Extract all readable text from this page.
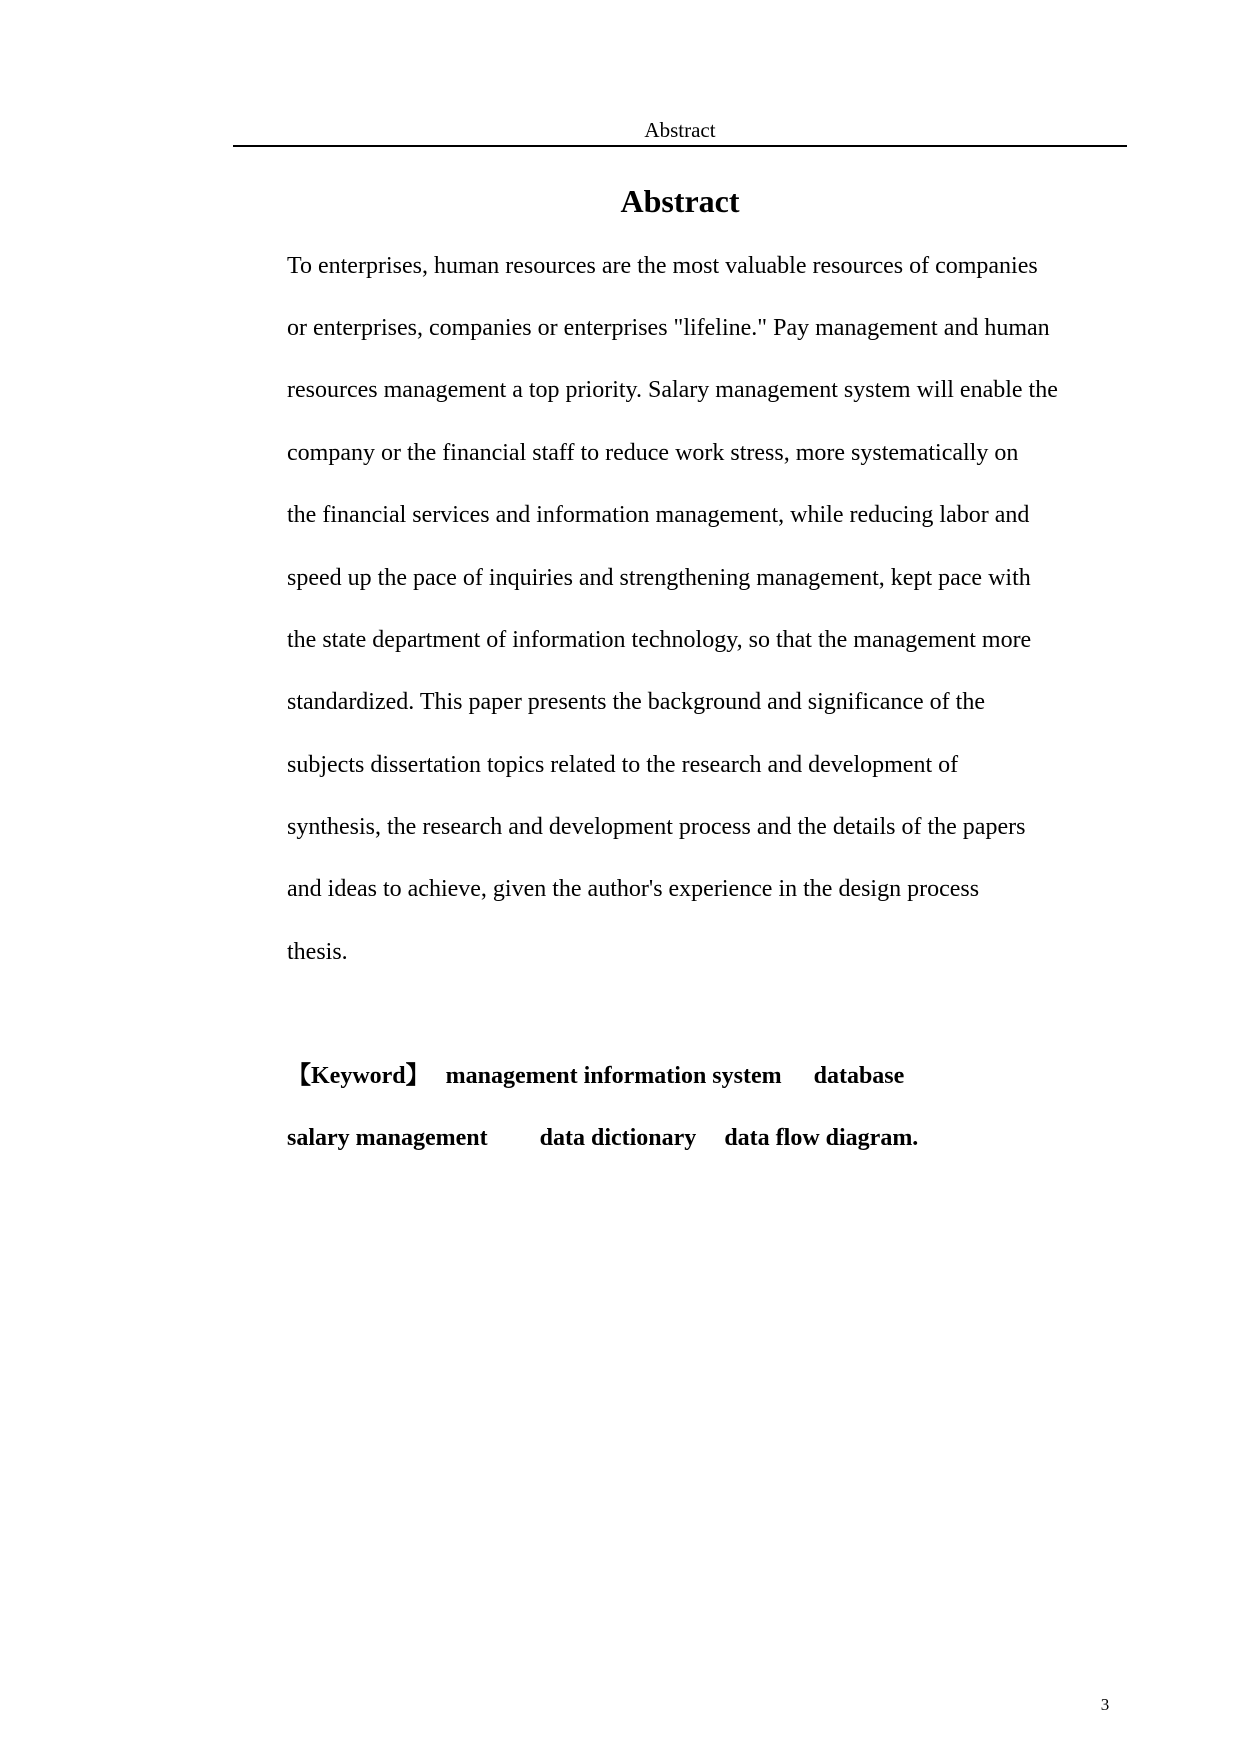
Abstract
Abstract
To enterprises, human resources are the most valuable resources of companies
or enterprises, companies or enterprises "lifeline." Pay management and human
resources management a top priority. Salary management system will enable the
company or the financial staff to reduce work stress, more systematically on
the financial services and information management, while reducing labor and
speed up the pace of inquiries and strengthening management, kept pace with
the state department of information technology, so that the management more
standardized. This paper presents the background and significance of the
subjects dissertation topics related to the research and development of
synthesis, the research and development process and the details of the papers
and ideas to achieve, given the author's experience in the design process
thesis.
【Keyword】 management information system database
salary management data dictionary data flow diagram.
3
